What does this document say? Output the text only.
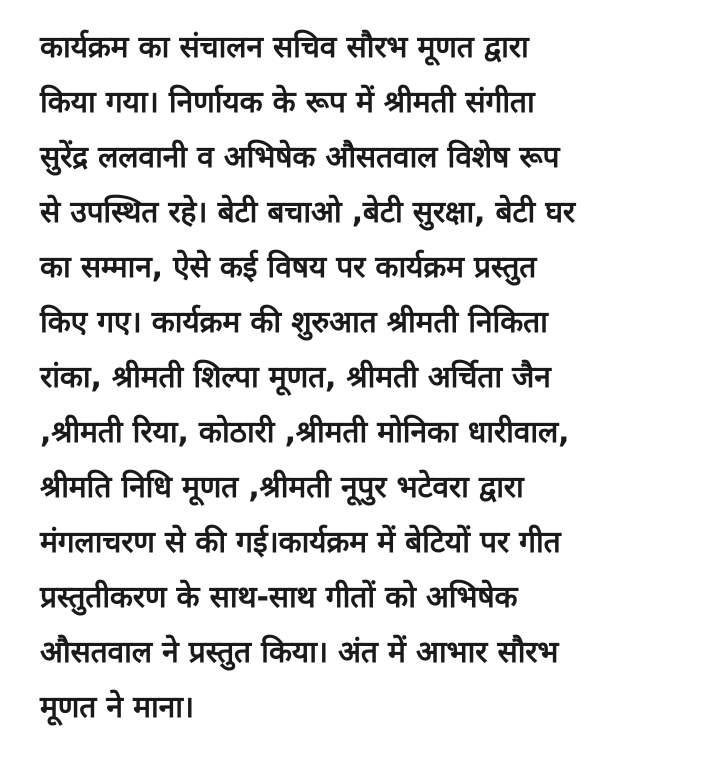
कार्यक्रम का संचालन सचिव सौरभ मूणत द्वारा
किया गया। निर्णायक के रूप में श्रीमती संगीता
सुरेंद्र ललवानी व अभिषेक औसतवाल विशेष रूप
से उपस्थित रहे। बेटी बचाओ ,बेटी सुरक्षा, बेटी घर
का सम्मान, ऐसे कई विषय पर कार्यक्रम प्रस्तुत
किए गए। कार्यक्रम की शुरुआत श्रीमती निकिता
रांका, श्रीमती शिल्पा मूणत, श्रीमती अर्चिता जैन
,श्रीमती रिया, कोठारी ,श्रीमती मोनिका धारीवाल,
श्रीमति निधि मूणत ,श्रीमती नूपुर भटेवरा द्वारा
मंगलाचरण से की गई।कार्यक्रम में बेटियों पर गीत
प्रस्तुतीकरण के साथ-साथ गीतों को अभिषेक
औसतवाल ने प्रस्तुत किया। अंत में आभार सौरभ
मूणत ने माना।
